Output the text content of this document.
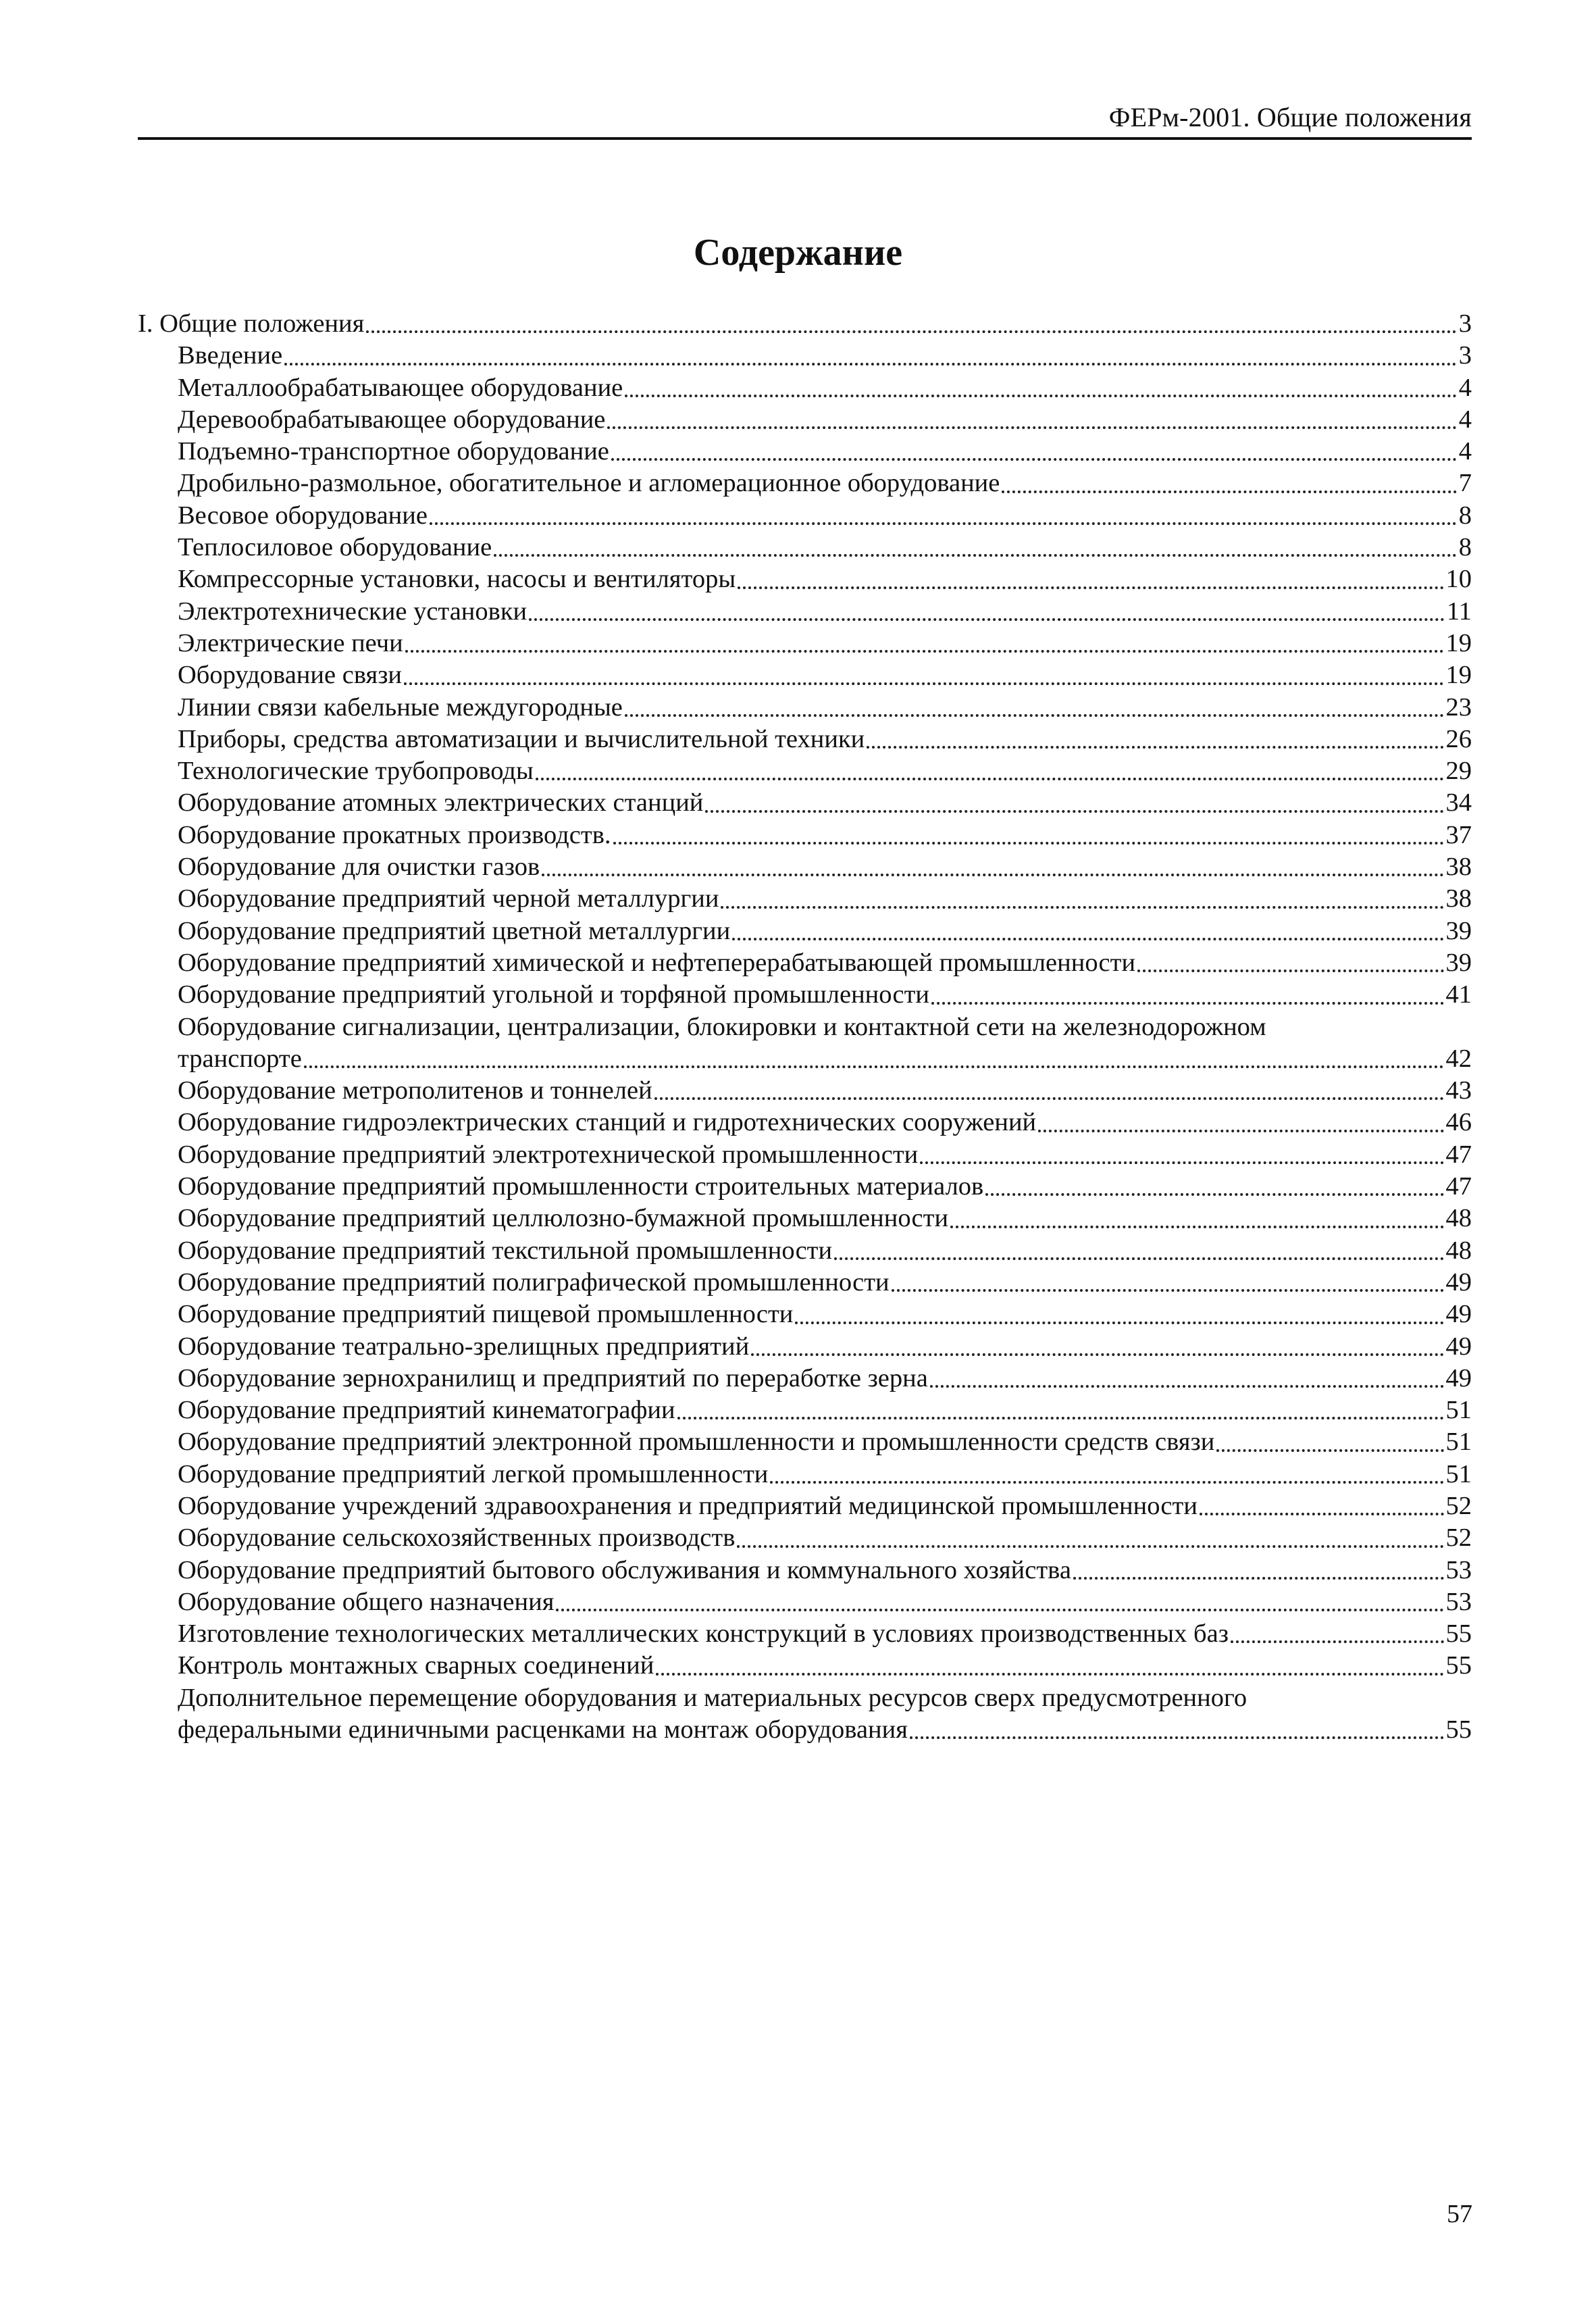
ФЕРм-2001. Общие положения
Содержание
I. Общие положения	3
Введение	3
Металлообрабатывающее оборудование	4
Деревообрабатывающее оборудование	4
Подъемно-транспортное оборудование	4
Дробильно-размольное, обогатительное и агломерационное оборудование	7
Весовое оборудование	8
Теплосиловое оборудование	8
Компрессорные установки, насосы и вентиляторы	10
Электротехнические установки	11
Электрические печи	19
Оборудование связи	19
Линии связи кабельные междугородные	23
Приборы, средства автоматизации и вычислительной техники	26
Технологические трубопроводы	29
Оборудование атомных электрических станций	34
Оборудование прокатных производств.	37
Оборудование для очистки газов	38
Оборудование предприятий черной металлургии	38
Оборудование предприятий цветной металлургии	39
Оборудование предприятий химической и нефтеперерабатывающей промышленности	39
Оборудование предприятий угольной и торфяной промышленности	41
Оборудование сигнализации, централизации, блокировки и контактной сети на железнодорожном
транспорте	42
Оборудование метрополитенов и тоннелей	43
Оборудование гидроэлектрических станций и гидротехнических сооружений	46
Оборудование предприятий электротехнической промышленности	47
Оборудование предприятий промышленности строительных материалов	47
Оборудование предприятий целлюлозно-бумажной промышленности	48
Оборудование предприятий текстильной промышленности	48
Оборудование предприятий полиграфической промышленности	49
Оборудование предприятий пищевой промышленности	49
Оборудование театрально-зрелищных предприятий	49
Оборудование зернохранилищ и предприятий по переработке зерна	49
Оборудование предприятий кинематографии	51
Оборудование предприятий электронной промышленности и промышленности средств связи	51
Оборудование предприятий легкой промышленности	51
Оборудование учреждений здравоохранения и предприятий медицинской промышленности	52
Оборудование сельскохозяйственных производств	52
Оборудование предприятий бытового обслуживания и коммунального хозяйства	53
Оборудование общего назначения	53
Изготовление технологических металлических конструкций в условиях производственных баз	55
Контроль монтажных сварных соединений	55
Дополнительное перемещение оборудования и материальных ресурсов сверх предусмотренного
федеральными единичными расценками на монтаж оборудования	55
57
